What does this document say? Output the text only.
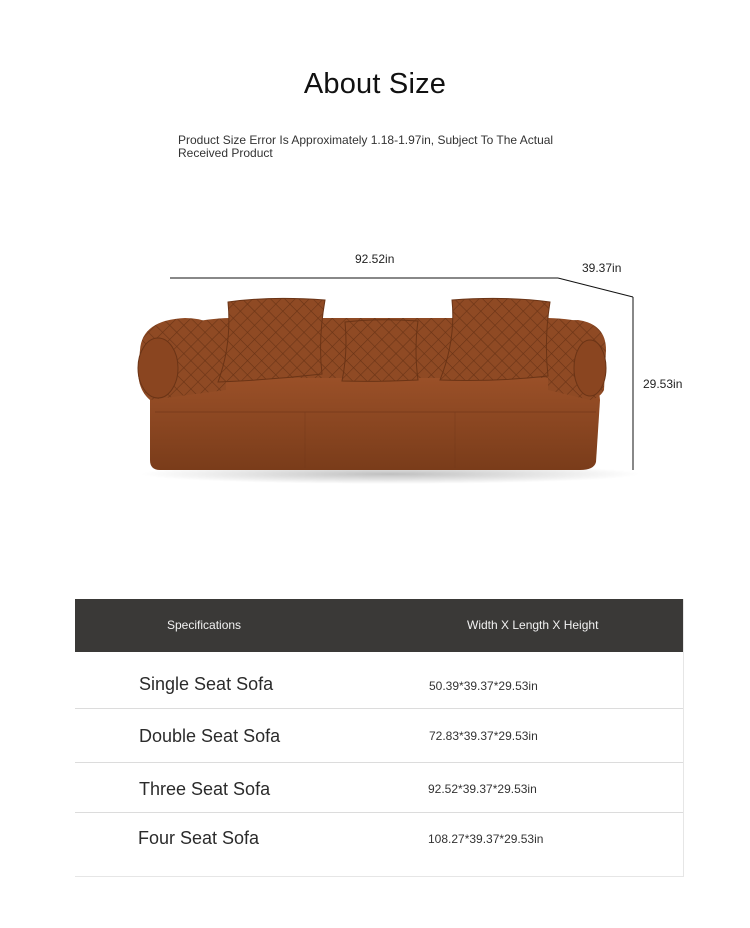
About Size
Product Size Error Is Approximately 1.18-1.97in, Subject To The Actual Received Product
92.52in
39.37in
29.53in
Specifications	Width X Length X Height
Single Seat Sofa	50.39*39.37*29.53in
Double Seat Sofa	72.83*39.37*29.53in
Three Seat Sofa	92.52*39.37*29.53in
Four Seat Sofa	108.27*39.37*29.53in
